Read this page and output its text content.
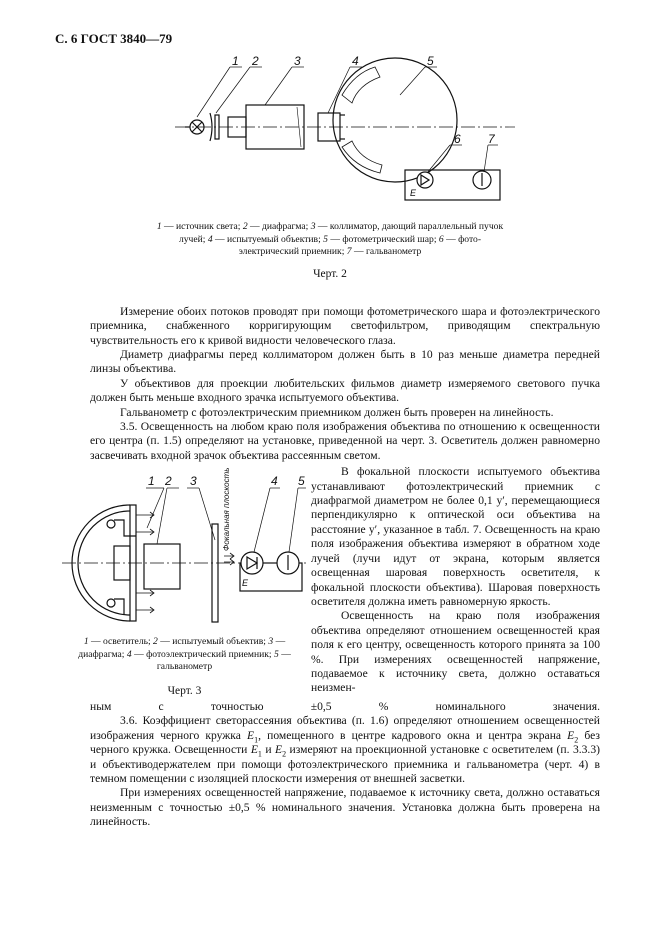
С. 6 ГОСТ 3840—79
1 2	3	4	5
6 7
E
1 — источник света; 2 — диафрагма; 3 — коллиматор, дающий параллельный пучок лучей; 4 — испытуемый объектив; 5 — фотометрический шар; 6 — фото-электрический приемник; 7 — гальванометр
Черт. 2

Измерение обоих потоков проводят при помощи фотометрического шара и фотоэлектрического приемника, снабженного корригирующим светофильтром, приводящим спектральную чувствительность его к кривой видности человеческого глаза.

Диаметр диафрагмы перед коллиматором должен быть в 10 раз меньше диаметра передней линзы объектива.

У объективов для проекции любительских фильмов диаметр измеряемого светового пучка должен быть меньше входного зрачка испытуемого объектива.

Гальванометр с фотоэлектрическим приемником должен быть проверен на линейность.

3.5. Освещенность на любом краю поля изображения объектива по отношению к освещенности его центра (п. 1.5) определяют на установке, приведенной на черт. 3. Осветитель должен равномерно засвечивать входной зрачок объектива рассеянным светом.

1 2 3	4 5
E
Фокальная плоскость
1 — осветитель; 2 — испытуемый объектив; 3 — диафрагма; 4 — фотоэлектрический приемник; 5 — гальванометр
Черт. 3

В фокальной плоскости испытуемого объектива устанавливают фотоэлектрический приемник с диафрагмой диаметром не более 0,1 y′, перемещающиеся перпендикулярно к оптической оси объектива на расстояние y′, указанное в табл. 7. Освещенность на краю поля изображения объектива измеряют в обратном ходе лучей (лучи идут от экрана, которым является освещенная шаровая поверхность осветителя, к фокальной плоскости объектива). Шаровая поверхность осветителя должна иметь равномерную яркость.

Освещенность на краю поля изображения объектива определяют отношением освещенностей края поля к его центру, освещенность которого принята за 100 %. При измерениях освещенностей напряжение, подаваемое к источнику света, должно оставаться неизмен-

ным с точностью ±0,5 % номинального значения.

3.6. Коэффициент светорассеяния объектива (п. 1.6) определяют отношением освещенностей изображения черного кружка $E_1$, помещенного в центре кадрового окна и центра экрана $E_2$ без черного кружка. Освещенности $E_1$ и $E_2$ измеряют на проекционной установке с осветителем (п. 3.3.3) и объективодержателем при помощи фотоэлектрического приемника и гальванометра (черт. 4) в темном помещении с изоляцией плоскости измерения от внешней засветки.

При измерениях освещенностей напряжение, подаваемое к источнику света, должно оставаться неизменным с точностью ±0,5 % номинального значения. Установка должна быть проверена на линейность.
